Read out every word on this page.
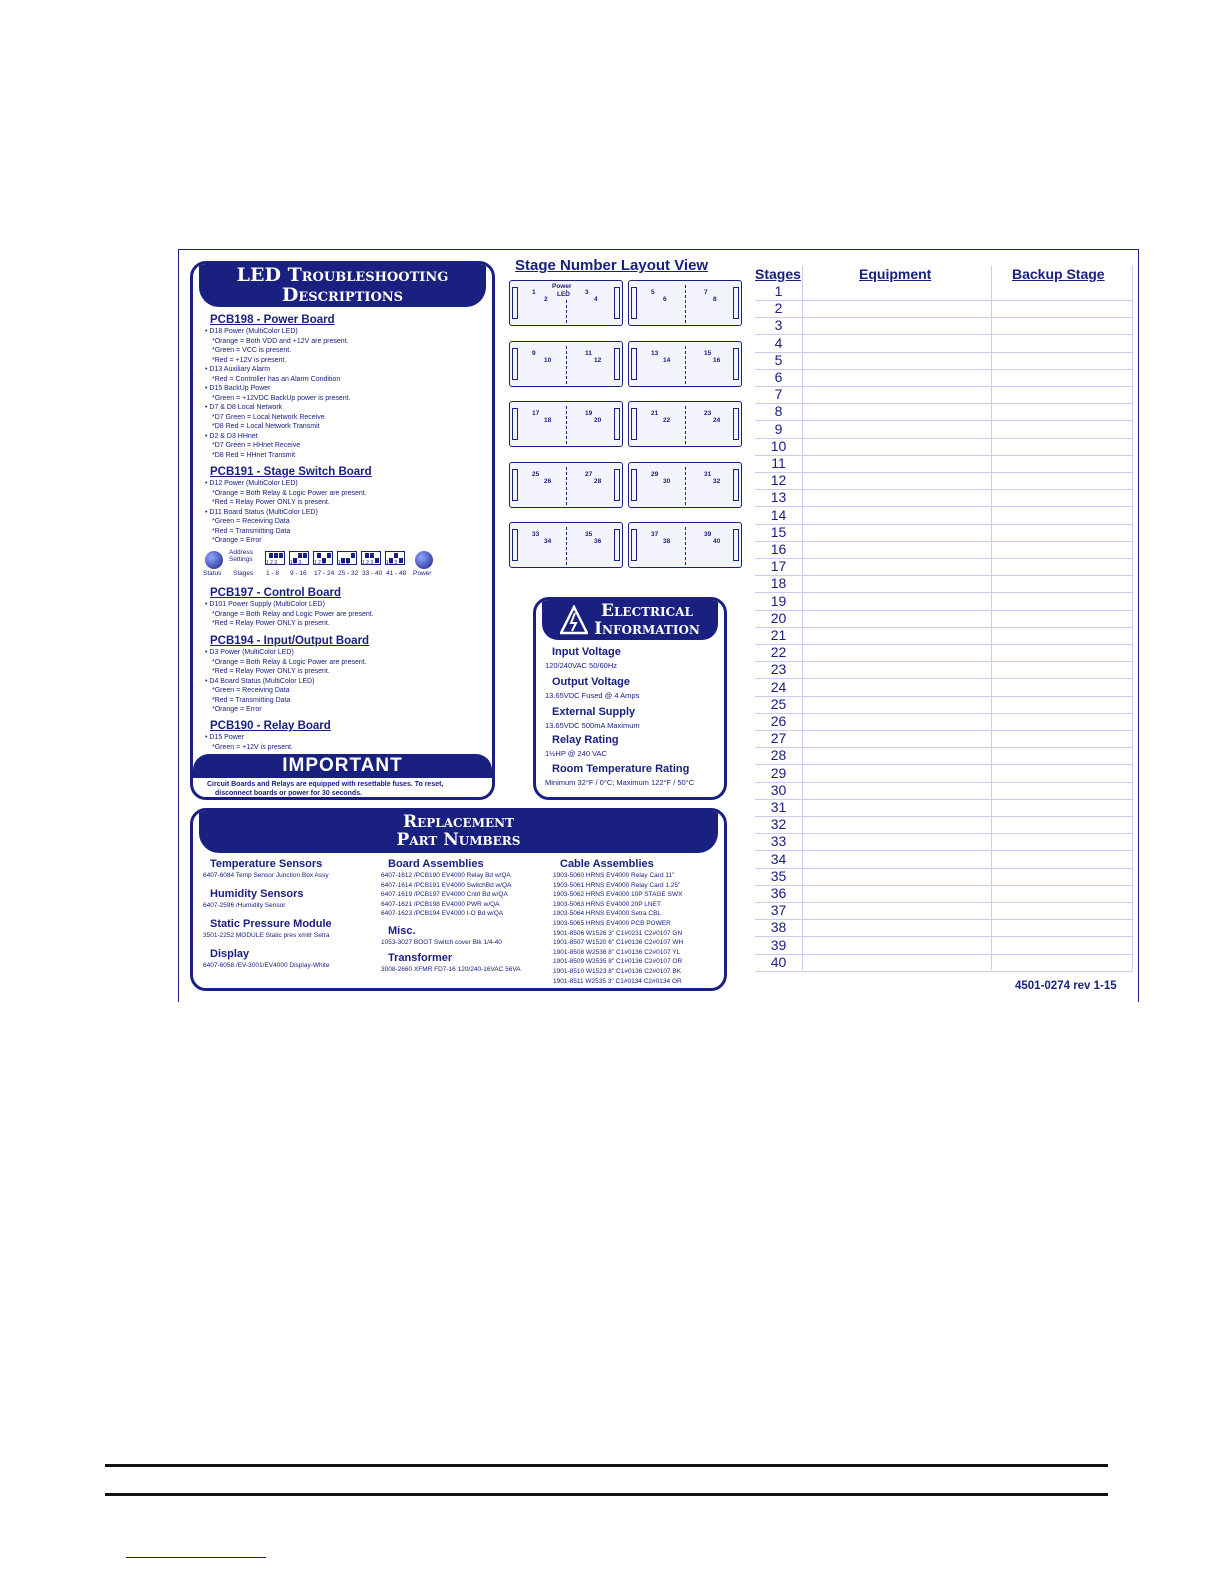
LED Troubleshooting
Descriptions
PCB198 - Power Board
• D18 Power (MultiColor LED)
*Orange = Both VDD and +12V are present.
*Green = VCC is present.
*Red = +12V is present.
• D13 Auxiliary Alarm
*Red = Controller has an Alarm Condition
• D15 BackUp Power
*Green = +12VDC BackUp power is present.
• D7 & D8 Local Network
*D7 Green = Local Network Receive
*D8 Red = Local Network Transmit
• D2 & D3 HHnet
*D7 Green = HHnet Receive
*D8 Red = HHnet Transmit
PCB191 - Stage Switch Board
• D12 Power (MultiColor LED)
*Orange = Both Relay & Logic Power are present.
*Red = Relay Power ONLY is present.
• D11 Board Status (MultiColor LED)
*Green = Receiving Data
*Red = Transmitting Data
*Orange = Error
PCB197 - Control Board
• D101 Power Supply (MultiColor LED)
*Orange = Both Relay and Logic Power are present.
*Red = Relay Power ONLY is present.
PCB194 - Input/Output Board
• D3 Power (MultiColor LED)
*Orange = Both Relay & Logic Power are present.
*Red = Relay Power ONLY is present.
• D4 Board Status (MultiColor LED)
*Green = Receiving Data
*Red = Transmitting Data
*Orange = Error
PCB190 - Relay Board
• D15 Power
*Green = +12V is present.
Status
Address
Settings
Stages
1 2 3
1 - 8
1 2 3
9 - 16
1 2 3
17 - 24
1 2 3
25 - 32
1 2 3
33 - 40
1 2 3
41 - 48 Power
IMPORTANT
Circuit Boards and Relays are equipped with resettable fuses. To reset,
disconnect boards or power for 30 seconds.
Stage Number Layout View
1
2
3
4
Power
LED	5
6
7
8
9
10
11
12
13
14
15
16
17
18
19
20
21
22
23
24
25
26
27
28
29
30
31
32
33
34
35
36
37
38
39
40
Electrical
Information
Input Voltage
120/240VAC 50/60Hz
Output Voltage
13.65VDC Fused @ 4 Amps
External Supply
13.65VDC 500mA Maximum
Relay Rating
1½HP @ 240 VAC
Room Temperature Rating
Minimum 32°F / 0°C; Maximum 122°F / 50°C
Replacement
Part Numbers
Temperature Sensors
6407-6084 Temp Sensor Junction Box Assy
Humidity Sensors
6407-2596 /Humidity Sensor
Static Pressure Module
3501-2252 MODULE Static pres xmitr Setra
Display
6407-6058 /EV-3001/EV4000 Display-White
Board Assemblies
6407-1612 /PCB190 EV4000 Relay Bd w/QA
6407-1614 /PCB191 EV4000 SwitchBd w/QA
6407-1619 /PCB197 EV4000 Cntrl Bd w/QA
6407-1621 /PCB198 EV4000 PWR w/QA
6407-1623 /PCB194 EV4000 I-O Bd w/QA
Misc.
1053-3027 BOOT Switch cover Blk 1/4-40
Transformer
3008-2660 XFMR FD7-16 120/240-16VAC 56VA
Cable Assemblies
1903-5060 HRNS EV4000 Relay Card 11"
1903-5061 HRNS EV4000 Relay Card 1.25"
1903-5062 HRNS EV4000 10P STAGE SWX
1903-5063 HRNS EV4000 20P LNET
1903-5064 HRNS EV4000 Setra CBL
1903-5065 HRNS EV4000 PCB POWER
1901-8506 W1526 3" C1#0231 C2#0107 GN
1901-8507 W1520 6" C1#0136 C2#0107 WH
1901-8508 W2536 8" C1#0136 C2#0107 YL
1901-8509 W2535 8" C1#0136 C2#0107 OR
1901-8510 W1523 8" C1#0136 C2#0107 BK
1901-8511 W2535 3" C1#0134 C2#0134 OR
Stages	Equipment	Backup Stage
1
2
3
4
5
6
7
8
9
10
11
12
13
14
15
16
17
18
19
20
21
22
23
24
25
26
27
28
29
30
31
32
33
34
35
36
37
38
39
40
4501-0274 rev 1-15
